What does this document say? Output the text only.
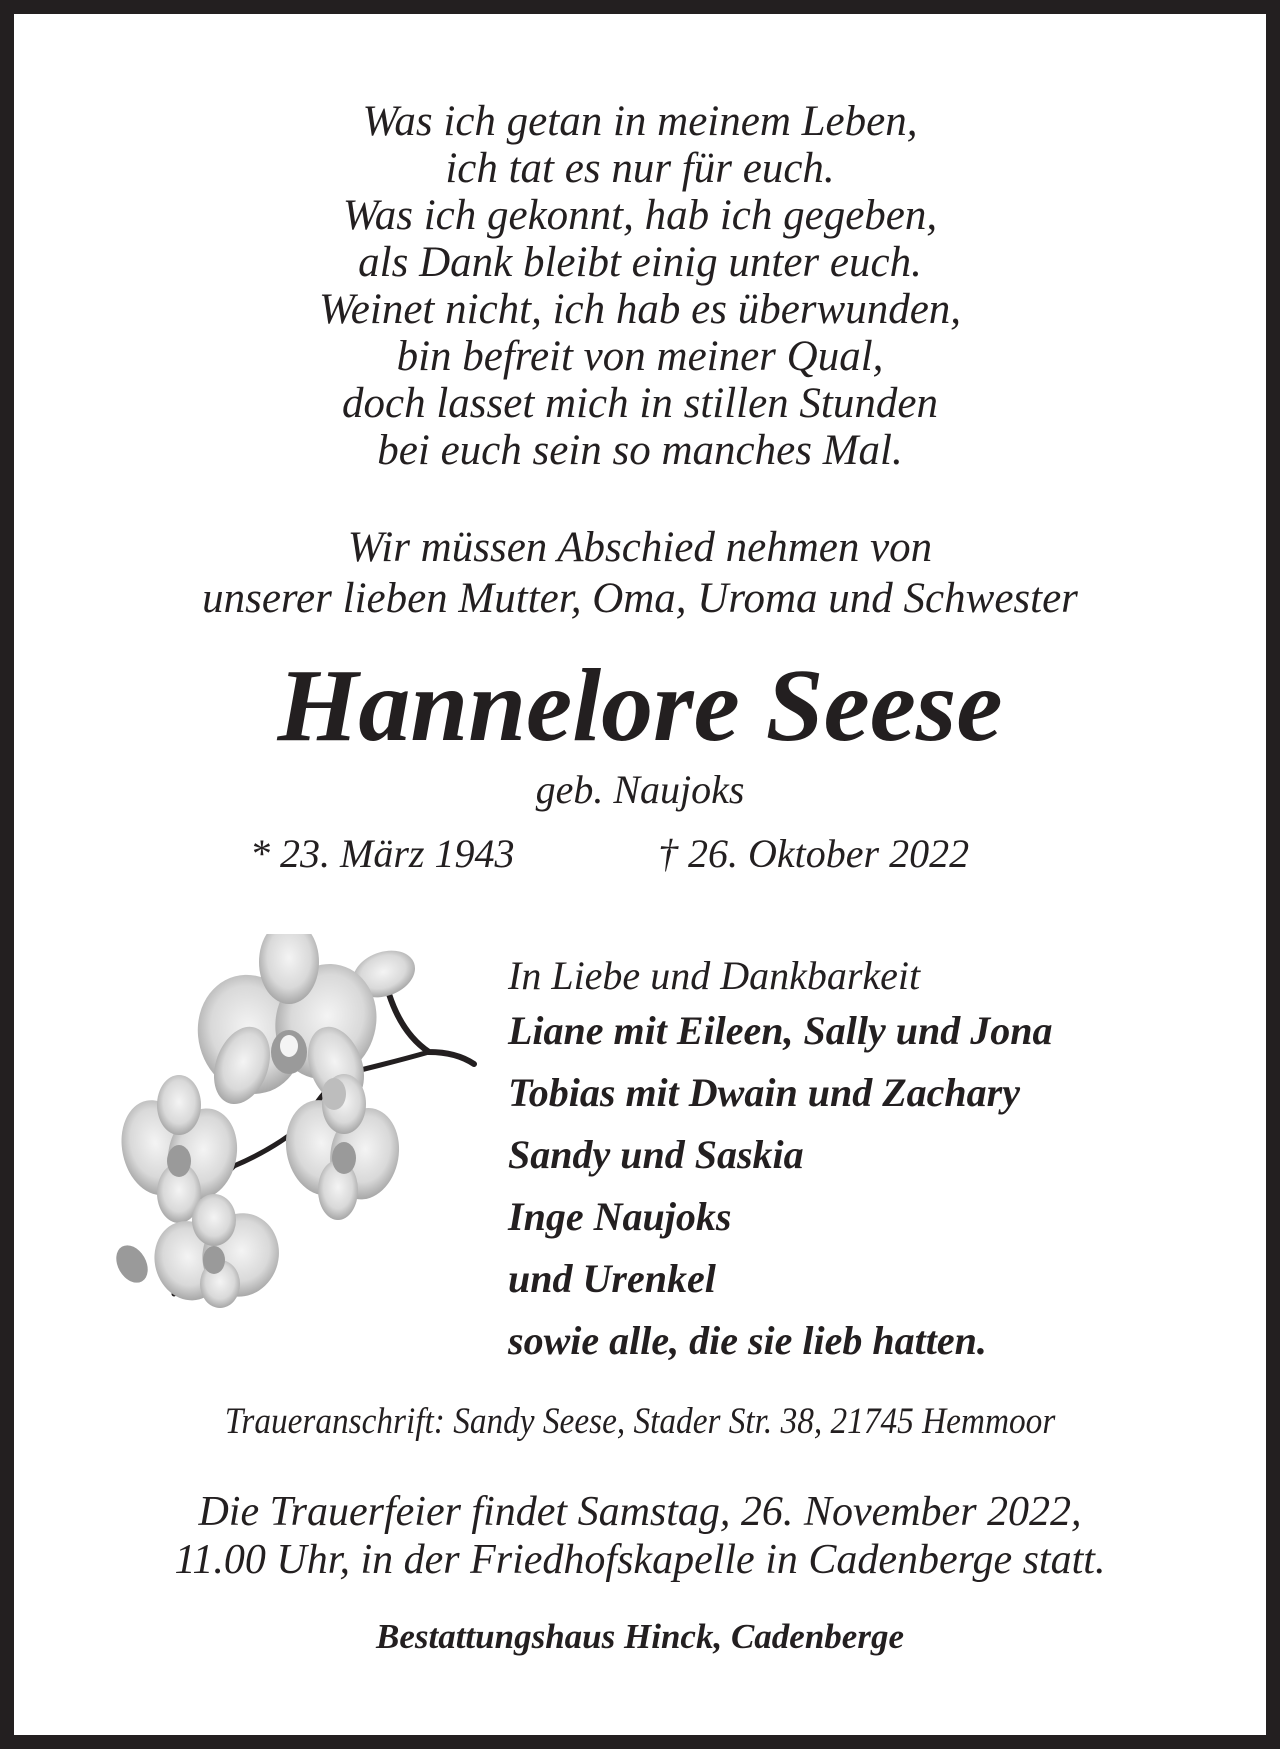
Was ich getan in meinem Leben,
ich tat es nur für euch.
Was ich gekonnt, hab ich gegeben,
als Dank bleibt einig unter euch.
Weinet nicht, ich hab es überwunden,
bin befreit von meiner Qual,
doch lasset mich in stillen Stunden
bei euch sein so manches Mal.
Wir müssen Abschied nehmen von
unserer lieben Mutter, Oma, Uroma und Schwester
Hannelore Seese
geb. Naujoks
* 23. März 1943	† 26. Oktober 2022
In Liebe und Dankbarkeit
Liane mit Eileen, Sally und Jona
Tobias mit Dwain und Zachary
Sandy und Saskia
Inge Naujoks
und Urenkel
sowie alle, die sie lieb hatten.
Traueranschrift: Sandy Seese, Stader Str. 38, 21745 Hemmoor
Die Trauerfeier findet Samstag, 26. November 2022,
11.00 Uhr, in der Friedhofskapelle in Cadenberge statt.
Bestattungshaus Hinck, Cadenberge
